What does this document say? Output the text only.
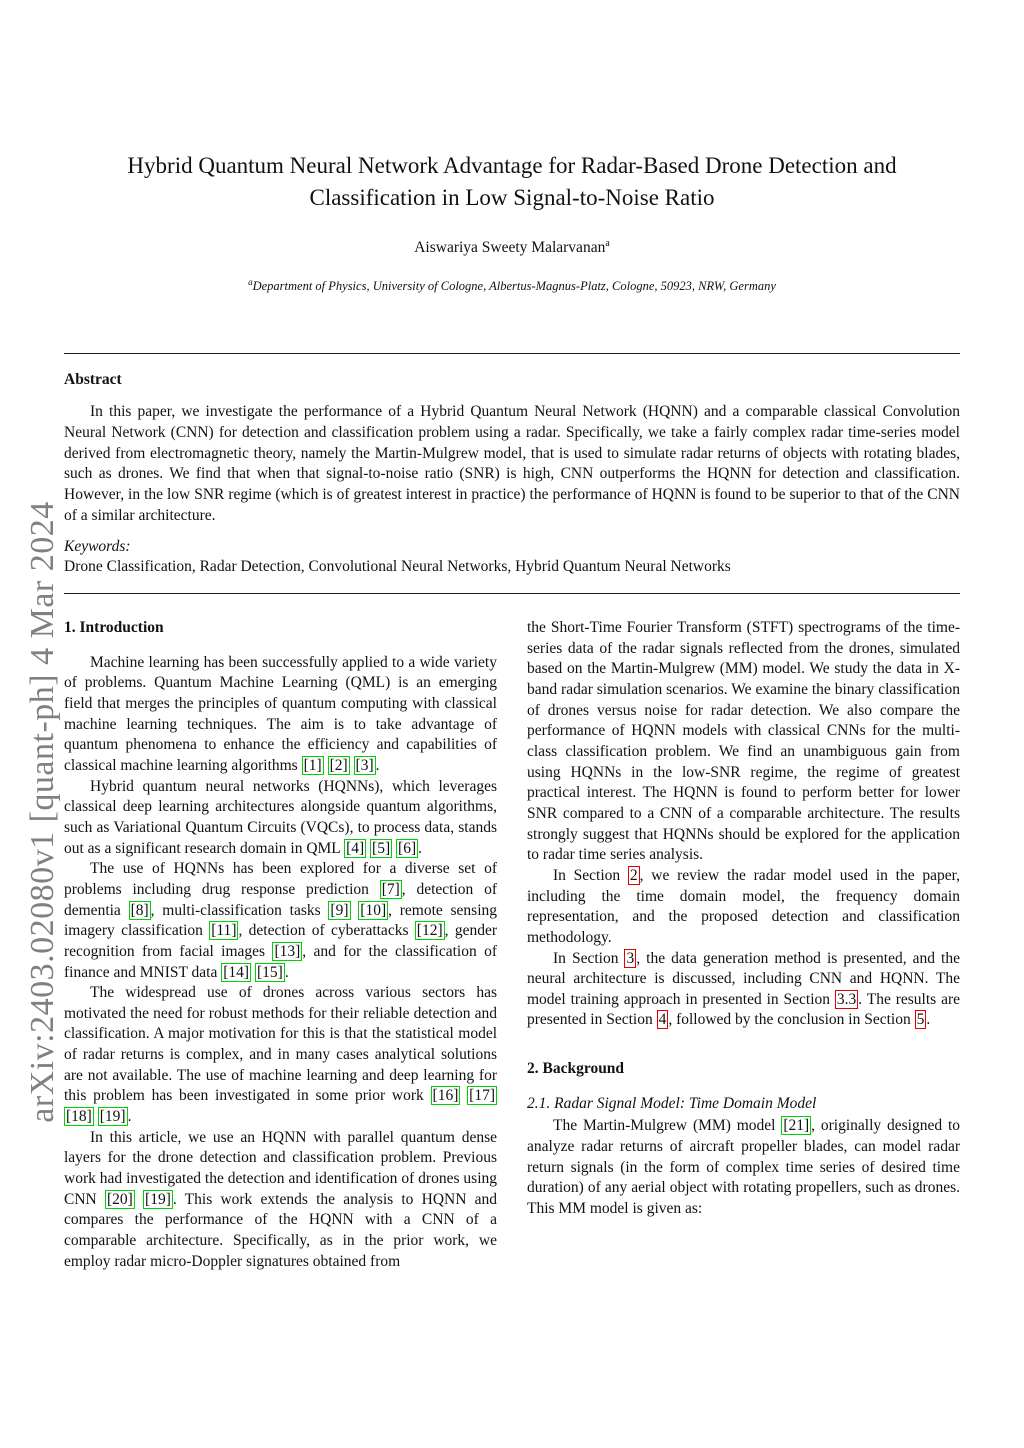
arXiv:2403.02080v1 [quant-ph] 4 Mar 2024
Hybrid Quantum Neural Network Advantage for Radar-Based Drone Detection and
Classification in Low Signal-to-Noise Ratio
Aiswariya Sweety Malarvanan$^a$
$^a$Department of Physics, University of Cologne, Albertus-Magnus-Platz, Cologne, 50923, NRW, Germany
Abstract
In this paper, we investigate the performance of a Hybrid Quantum Neural Network (HQNN) and a comparable classical Convolution Neural Network (CNN) for detection and classification problem using a radar. Specifically, we take a fairly complex radar time-series model derived from electromagnetic theory, namely the Martin-Mulgrew model, that is used to simulate radar returns of objects with rotating blades, such as drones. We find that when that signal-to-noise ratio (SNR) is high, CNN outperforms the HQNN for detection and classification. However, in the low SNR regime (which is of greatest interest in practice) the performance of HQNN is found to be superior to that of the CNN of a similar architecture.
Keywords:
Drone Classification, Radar Detection, Convolutional Neural Networks, Hybrid Quantum Neural Networks
1. Introduction

Machine learning has been successfully applied to a wide variety of problems. Quantum Machine Learning (QML) is an emerging field that merges the principles of quantum computing with classical machine learning techniques. The aim is to take advantage of quantum phenomena to enhance the efficiency and capabilities of classical machine learning algorithms [1] [2] [3] .

Hybrid quantum neural networks (HQNNs), which leverages classical deep learning architectures alongside quantum algorithms, such as Variational Quantum Circuits (VQCs), to process data, stands out as a significant research domain in QML [4] [5] [6] .

The use of HQNNs has been explored for a diverse set of problems including drug response prediction [7] , detection of dementia [8] , multi-classification tasks [9] [10] , remote sensing imagery classification [11] , detection of cyberattacks [12] , gender recognition from facial images [13] , and for the classification of finance and MNIST data [14] [15] .

The widespread use of drones across various sectors has motivated the need for robust methods for their reliable detection and classification. A major motivation for this is that the statistical model of radar returns is complex, and in many cases analytical solutions are not available. The use of machine learning and deep learning for this problem has been investigated in some prior work [16] [17] [18] [19] .

In this article, we use an HQNN with parallel quantum dense layers for the drone detection and classification problem. Previous work had investigated the detection and identification of drones using CNN [20] [19] . This work extends the analysis to HQNN and compares the performance of the HQNN with a CNN of a comparable architecture. Specifically, as in the prior work, we employ radar micro-Doppler signatures obtained from

the Short-Time Fourier Transform (STFT) spectrograms of the time-series data of the radar signals reflected from the drones, simulated based on the Martin-Mulgrew (MM) model. We study the data in X-band radar simulation scenarios. We examine the binary classification of drones versus noise for radar detection. We also compare the performance of HQNN models with classical CNNs for the multi-class classification problem. We find an unambiguous gain from using HQNNs in the low-SNR regime, the regime of greatest practical interest. The HQNN is found to perform better for lower SNR compared to a CNN of a comparable architecture. The results strongly suggest that HQNNs should be explored for the application to radar time series analysis.

In Section 2 , we review the radar model used in the paper, including the time domain model, the frequency domain representation, and the proposed detection and classification methodology.

In Section 3 , the data generation method is presented, and the neural architecture is discussed, including CNN and HQNN. The model training approach in presented in Section 3.3 . The results are presented in Section 4 , followed by the conclusion in Section 5 .

2. Background
2.1. Radar Signal Model: Time Domain Model

The Martin-Mulgrew (MM) model [21] , originally designed to analyze radar returns of aircraft propeller blades, can model radar return signals (in the form of complex time series of desired time duration) of any aerial object with rotating propellers, such as drones. This MM model is given as:
